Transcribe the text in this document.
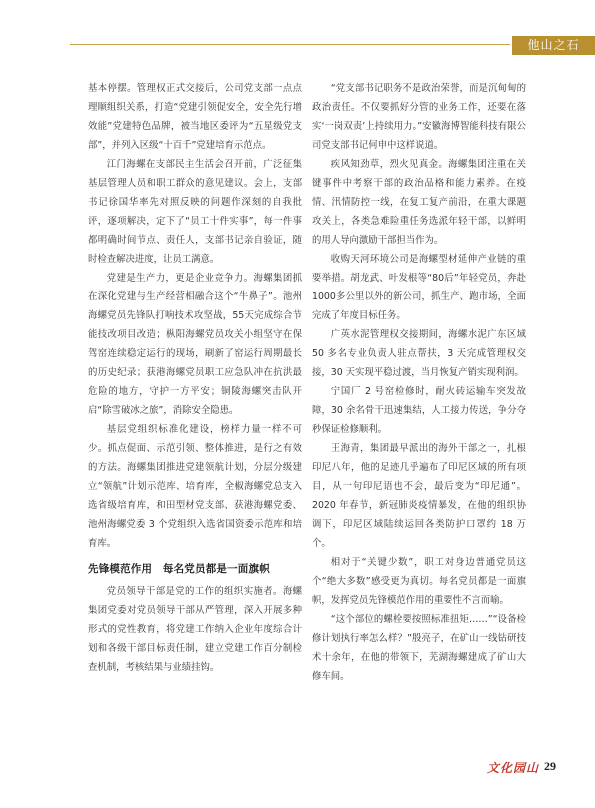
他山之石

基本停摆。管理权正式交接后，公司党支部一点点理顺组织关系，打造“党建引领促安全，安全先行增效能”党建特色品牌，被当地区委评为“五星级党支部”，并列入区级“十百千”党建培育示范点。

江门海螺在支部民主生活会召开前，广泛征集基层管理人员和职工群众的意见建议。会上，支部书记徐国华率先对照反映的问题作深刻的自我批评，逐项解决，定下了“员工十件实事”，每一件事都明确时间节点、责任人，支部书记亲自验证，随时检查解决进度，让员工满意。

党建是生产力，更是企业竞争力。海螺集团抓在深化党建与生产经营相融合这个“牛鼻子”。池州海螺党员先锋队打响技术攻坚战，55天完成综合节能技改项目改造；枞阳海螺党员攻关小组坚守在保驾窑连续稳定运行的现场，刷新了窑运行周期最长的历史纪录；获港海螺党员职工应急队冲在抗洪最危险的地方，守护一方平安；铜陵海螺突击队开启“除雪破冰之旅”，消除安全隐患。

基层党组织标准化建设，榜样力量一样不可少。抓点促面、示范引领、整体推进，是行之有效的方法。海螺集团推进党建领航计划，分层分级建立“领航”计划示范库、培育库，全椒海螺党总支入选省级培育库，和田型材党支部、获港海螺党委、池州海螺党委 3 个党组织入选省国资委示范库和培育库。

先锋模范作用　每名党员都是一面旗帜

党员领导干部是党的工作的组织实施者。海螺集团党委对党员领导干部从严管理，深入开展多种形式的党性教育，将党建工作纳入企业年度综合计划和各级干部目标责任制，建立党建工作百分制检查机制，考核结果与业绩挂钩。

“党支部书记职务不是政治荣誉，而是沉甸甸的政治责任。不仅要抓好分管的业务工作，还要在落实‘一岗双责’上持续用力。”安徽海博智能科技有限公司党支部书记何申中这样说道。

疾风知劲草，烈火见真金。海螺集团注重在关键事件中考察干部的政治品格和能力素养。在疫情、汛情防控一线，在复工复产前沿，在重大课题攻关上，各类急难险重任务选派年轻干部，以鲜明的用人导向激励干部担当作为。

收购天河环境公司是海螺型材延伸产业链的重要举措。胡龙武、叶发根等“80后”年轻党员，奔赴1000多公里以外的新公司，抓生产、跑市场，全面完成了年度目标任务。

广英水泥管理权交接期间，海螺水泥广东区域 50 多名专业负责人驻点帮扶，3 天完成管理权交接，30 天实现平稳过渡，当月恢复产销实现利润。

宁国厂 2 号窑检修时，耐火砖运输车突发故障，30 余名骨干迅速集结，人工接力传送，争分夺秒保证检修顺利。

王海青，集团最早派出的海外干部之一，扎根印尼八年，他的足迹几乎遍布了印尼区域的所有项目，从一句印尼语也不会，最后变为“印尼通”。2020 年春节，新冠肺炎疫情暴发，在他的组织协调下，印尼区域陆续运回各类防护口罩约 18 万个。

相对于“关键少数”，职工对身边普通党员这个“绝大多数”感受更为真切。每名党员都是一面旗帜，发挥党员先锋模范作用的重要性不言而喻。

“这个部位的螺栓要按照标准扭矩……”“设备检修计划执行率怎么样？”殷亮子，在矿山一线钻研技术十余年，在他的带领下，芜湖海螺建成了矿山大修车间。

文化园山 29
